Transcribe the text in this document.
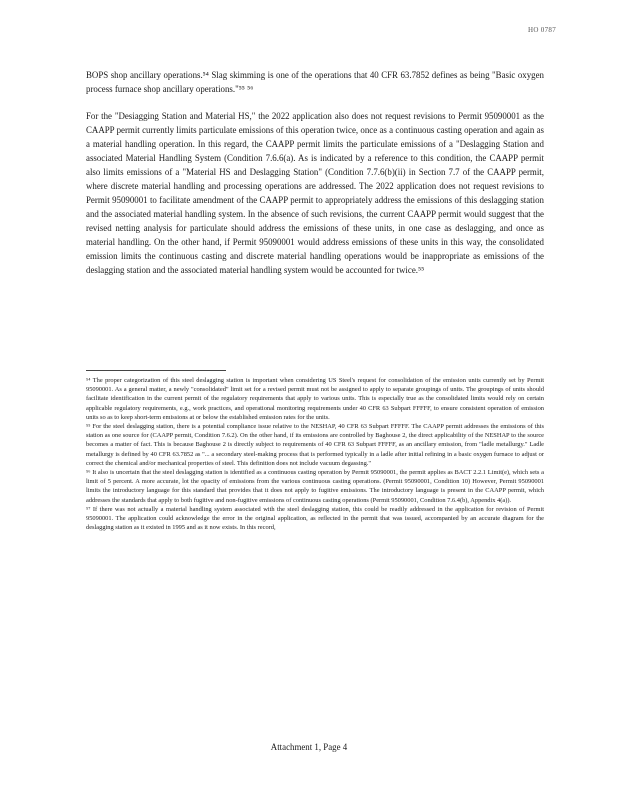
HO 0787

BOPS shop ancillary operations.⁵⁴ Slag skimming is one of the operations that 40 CFR 63.7852 defines as being "Basic oxygen process furnace shop ancillary operations."⁵⁵ ⁵⁶

For the "Desiagging Station and Material HS," the 2022 application also does not request revisions to Permit 95090001 as the CAAPP permit currently limits particulate emissions of this operation twice, once as a continuous casting operation and again as a material handling operation. In this regard, the CAAPP permit limits the particulate emissions of a "Deslagging Station and associated Material Handling System (Condition 7.6.6(a). As is indicated by a reference to this condition, the CAAPP permit also limits emissions of a "Material HS and Deslagging Station" (Condition 7.7.6(b)(ii) in Section 7.7 of the CAAPP permit, where discrete material handling and processing operations are addressed. The 2022 application does not request revisions to Permit 95090001 to facilitate amendment of the CAAPP permit to appropriately address the emissions of this deslagging station and the associated material handling system. In the absence of such revisions, the current CAAPP permit would suggest that the revised netting analysis for particulate should address the emissions of these units, in one case as deslagging, and once as material handling. On the other hand, if Permit 95090001 would address emissions of these units in this way, the consolidated emission limits the continuous casting and discrete material handling operations would be inappropriate as emissions of the deslagging station and the associated material handling system would be accounted for twice.⁵⁵

⁵⁴ The proper categorization of this steel deslagging station is important when considering US Steel's request for consolidation of the emission units currently set by Permit 95090001. As a general matter, a newly "consolidated" limit set for a revised permit must not be assigned to apply to separate groupings of units. The groupings of units should facilitate identification in the current permit of the regulatory requirements that apply to various units. This is especially true as the consolidated limits would rely on certain applicable regulatory requirements, e.g., work practices, and operational monitoring requirements under 40 CFR 63 Subpart FFFFF, to ensure consistent operation of emission units so as to keep short-term emissions at or below the established emission rates for the units.

⁵⁵ For the steel deslagging station, there is a potential compliance issue relative to the NESHAP, 40 CFR 63 Subpart FFFFF. The CAAPP permit addresses the emissions of this station as one source for (CAAPP permit, Condition 7.6.2). On the other hand, if its emissions are controlled by Baghouse 2, the direct applicability of the NESHAP to the source becomes a matter of fact. This is because Baghouse 2 is directly subject to requirements of 40 CFR 63 Subpart FFFFF, as an ancillary emission, from "ladle metallurgy." Ladle metallurgy is defined by 40 CFR 63.7852 as "... a secondary steel-making process that is performed typically in a ladle after initial refining in a basic oxygen furnace to adjust or correct the chemical and/or mechanical properties of steel. This definition does not include vacuum degassing."

⁵⁶ It also is uncertain that the steel deslagging station is identified as a continuous casting operation by Permit 95090001, the permit applies as BACT 2.2.1 Limit(e), which sets a limit of 5 percent. A more accurate, lot the opacity of emissions from the various continuous casting operations. (Permit 95090001, Condition 10) However, Permit 95090001 limits the introductory language for this standard that provides that it does not apply to fugitive emissions. The introductory language is present in the CAAPP permit, which addresses the standards that apply to both fugitive and non-fugitive emissions of continuous casting operations (Permit 95090001, Condition 7.6.4(b), Appendix 4(a)).

⁵⁷ If there was not actually a material handling system associated with the steel deslagging station, this could be readily addressed in the application for revision of Permit 95090001. The application could acknowledge the error in the original application, as reflected in the permit that was issued, accompanied by an accurate diagram for the deslagging station as it existed in 1995 and as it now exists. In this record,

Attachment 1, Page 4
